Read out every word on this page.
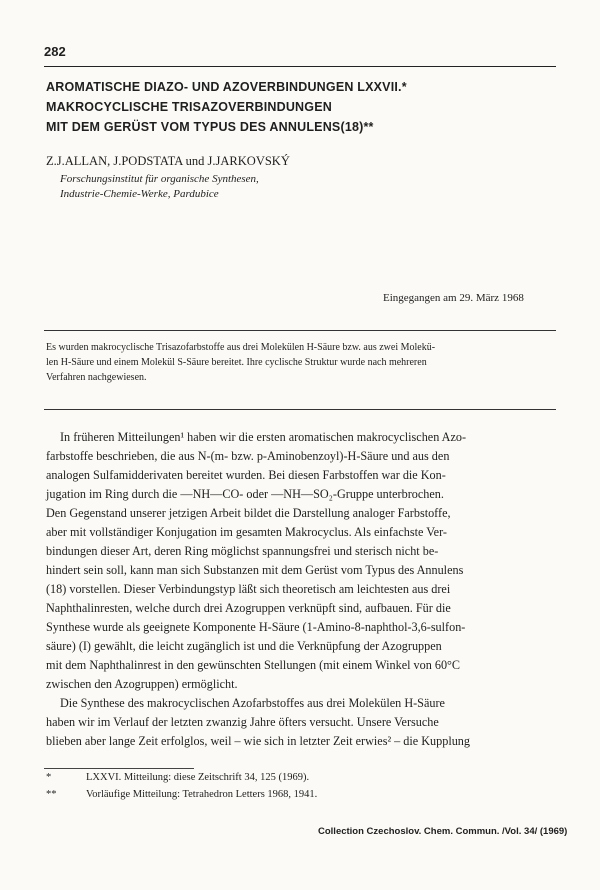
282
AROMATISCHE DIAZO- UND AZOVERBINDUNGEN LXXVII.*
MAKROCYCLISCHE TRISAZOVERBINDUNGEN
MIT DEM GERÜST VOM TYPUS DES ANNULENS(18)**
Z.J.ALLAN, J.PODSTATA und J.JARKOVSKÝ
Forschungsinstitut für organische Synthesen,
Industrie-Chemie-Werke, Pardubice
Eingegangen am 29. März 1968
Es wurden makrocyclische Trisazofarbstoffe aus drei Molekülen H-Säure bzw. aus zwei Molekü-
len H-Säure und einem Molekül S-Säure bereitet. Ihre cyclische Struktur wurde nach mehreren
Verfahren nachgewiesen.
In früheren Mitteilungen¹ haben wir die ersten aromatischen makrocyclischen Azo-
farbstoffe beschrieben, die aus N-(m- bzw. p-Aminobenzoyl)-H-Säure und aus den
analogen Sulfamidderivaten bereitet wurden. Bei diesen Farbstoffen war die Kon-
jugation im Ring durch die —NH—CO- oder —NH—SO₂-Gruppe unterbrochen.
Den Gegenstand unserer jetzigen Arbeit bildet die Darstellung analoger Farbstoffe,
aber mit vollständiger Konjugation im gesamten Makrocyclus. Als einfachste Ver-
bindungen dieser Art, deren Ring möglichst spannungsfrei und sterisch nicht be-
hindert sein soll, kann man sich Substanzen mit dem Gerüst vom Typus des Annulens
(18) vorstellen. Dieser Verbindungstyp läßt sich theoretisch am leichtesten aus drei
Naphthalinresten, welche durch drei Azogruppen verknüpft sind, aufbauen. Für die
Synthese wurde als geeignete Komponente H-Säure (1-Amino-8-naphthol-3,6-sulfon-
säure) (I) gewählt, die leicht zugänglich ist und die Verknüpfung der Azogruppen
mit dem Naphthalinrest in den gewünschten Stellungen (mit einem Winkel von 60°C
zwischen den Azogruppen) ermöglicht.
Die Synthese des makrocyclischen Azofarbstoffes aus drei Molekülen H-Säure
haben wir im Verlauf der letzten zwanzig Jahre öfters versucht. Unsere Versuche
blieben aber lange Zeit erfolglos, weil – wie sich in letzter Zeit erwies² – die Kupplung
*	LXXVI. Mitteilung: diese Zeitschrift 34, 125 (1969).
**	Vorläufige Mitteilung: Tetrahedron Letters 1968, 1941.
Collection Czechoslov. Chem. Commun. /Vol. 34/ (1969)
